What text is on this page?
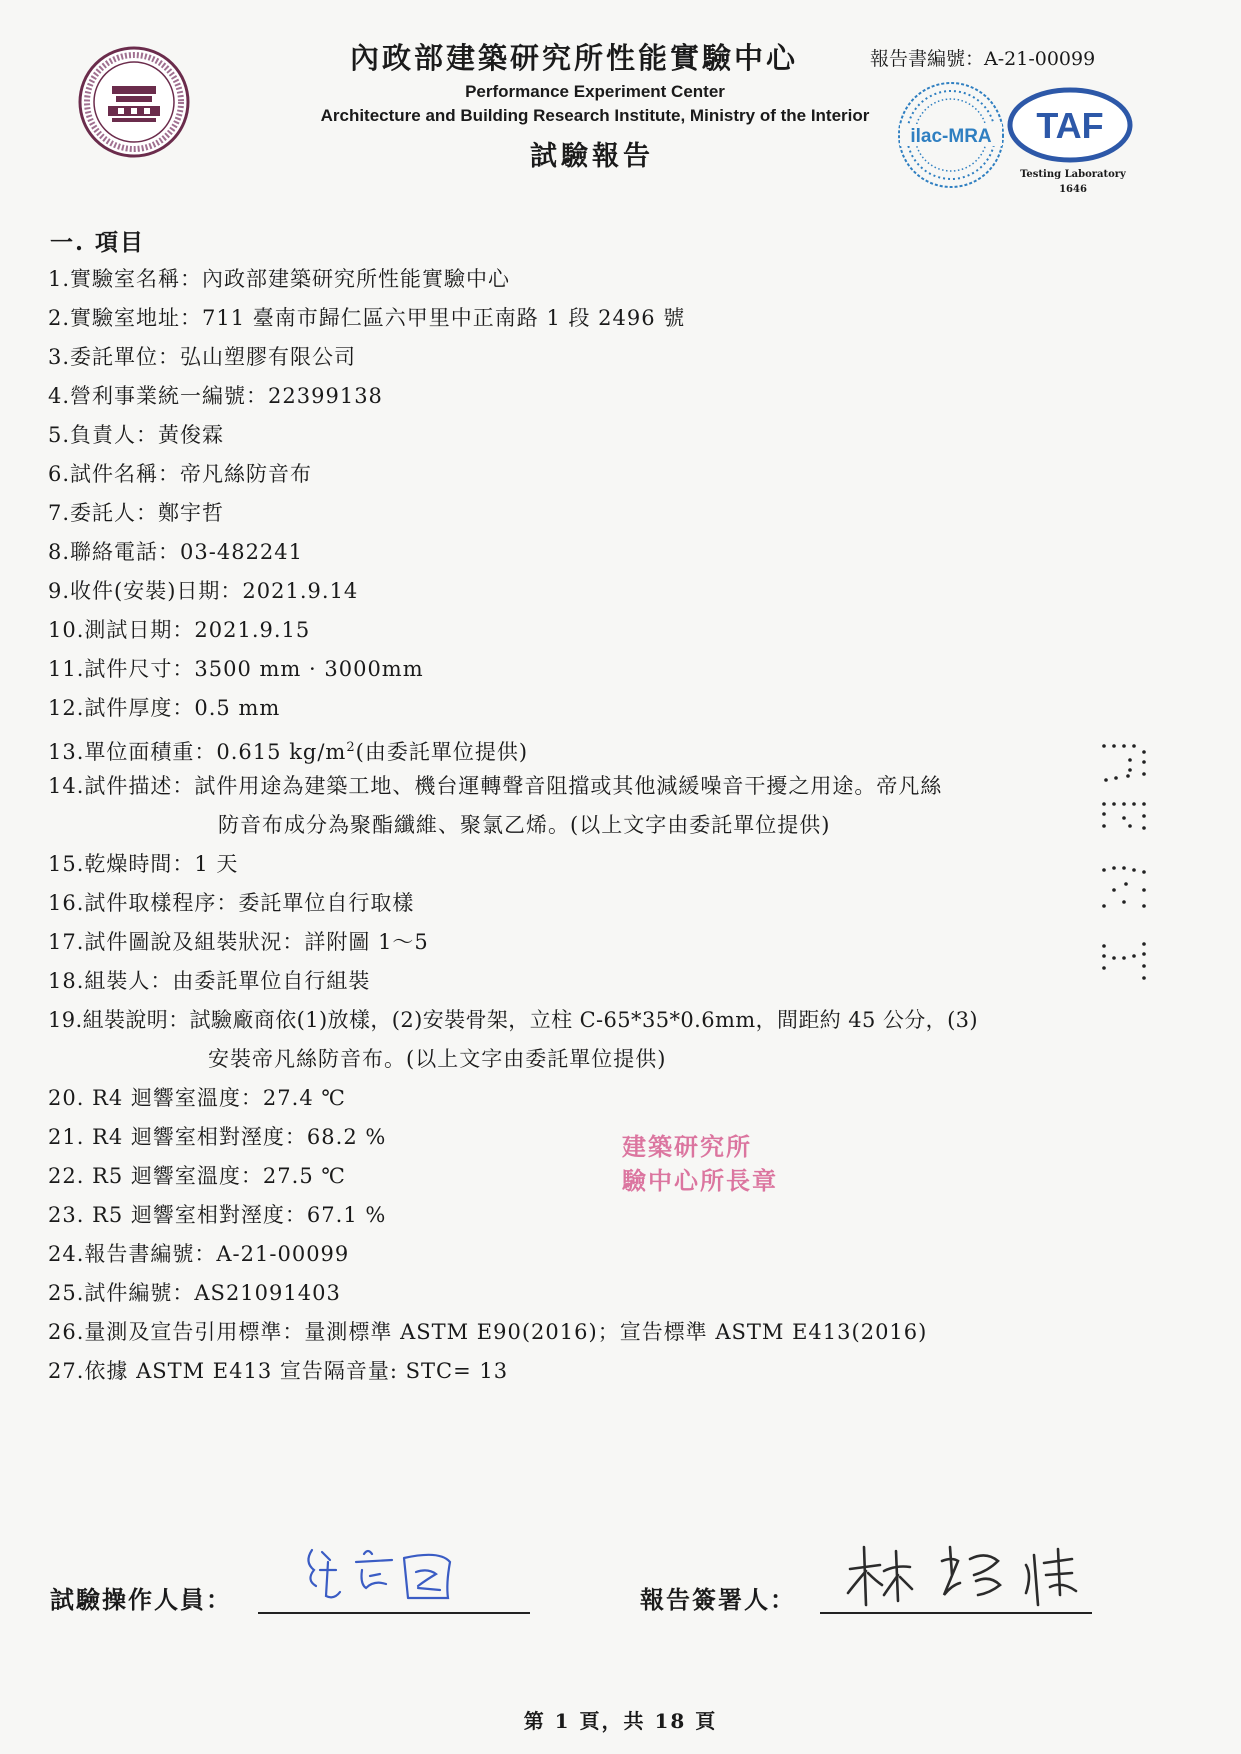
內政部建築研究所性能實驗中心	報告書編號：A-21-00099
Performance Experiment Center
Architecture and Building Research Institute, Ministry of the Interior
試驗報告
ilac-MRA TAF
Testing Laboratory
1646
一. 項目
1.實驗室名稱：內政部建築研究所性能實驗中心
2.實驗室地址：711 臺南市歸仁區六甲里中正南路 1 段 2496 號
3.委託單位：弘山塑膠有限公司
4.營利事業統一編號：22399138
5.負責人：黃俊霖
6.試件名稱：帝凡絲防音布
7.委託人：鄭宇哲
8.聯絡電話：03-482241
9.收件(安裝)日期：2021.9.14
10.測試日期：2021.9.15
11.試件尺寸：3500 mm · 3000mm
12.試件厚度：0.5 mm
13.單位面積重：0.615 $kg/m^2$(由委託單位提供)
14.試件描述：試件用途為建築工地、機台運轉聲音阻擋或其他減緩噪音干擾之用途。帝凡絲
防音布成分為聚酯纖維、聚氯乙烯。(以上文字由委託單位提供)
15.乾燥時間：1 天
16.試件取樣程序：委託單位自行取樣
17.試件圖說及組裝狀況：詳附圖 1～5
18.組裝人：由委託單位自行組裝
19.組裝說明：試驗廠商依(1)放樣，(2)安裝骨架，立柱 C-65*35*0.6mm，間距約 45 公分，(3)
安裝帝凡絲防音布。(以上文字由委託單位提供)
20. R4 迴響室溫度：27.4 ℃
21. R4 迴響室相對溼度：68.2 %
22. R5 迴響室溫度：27.5 ℃
23. R5 迴響室相對溼度：67.1 %
24.報告書編號：A-21-00099
25.試件編號：AS21091403
26.量測及宣告引用標準：量測標準 ASTM E90(2016)；宣告標準 ASTM E413(2016)
27.依據 ASTM E413 宣告隔音量: STC= 13
建築研究所
驗中心所長章
試驗操作人員：	報告簽署人：
第 1 頁，共 18 頁
